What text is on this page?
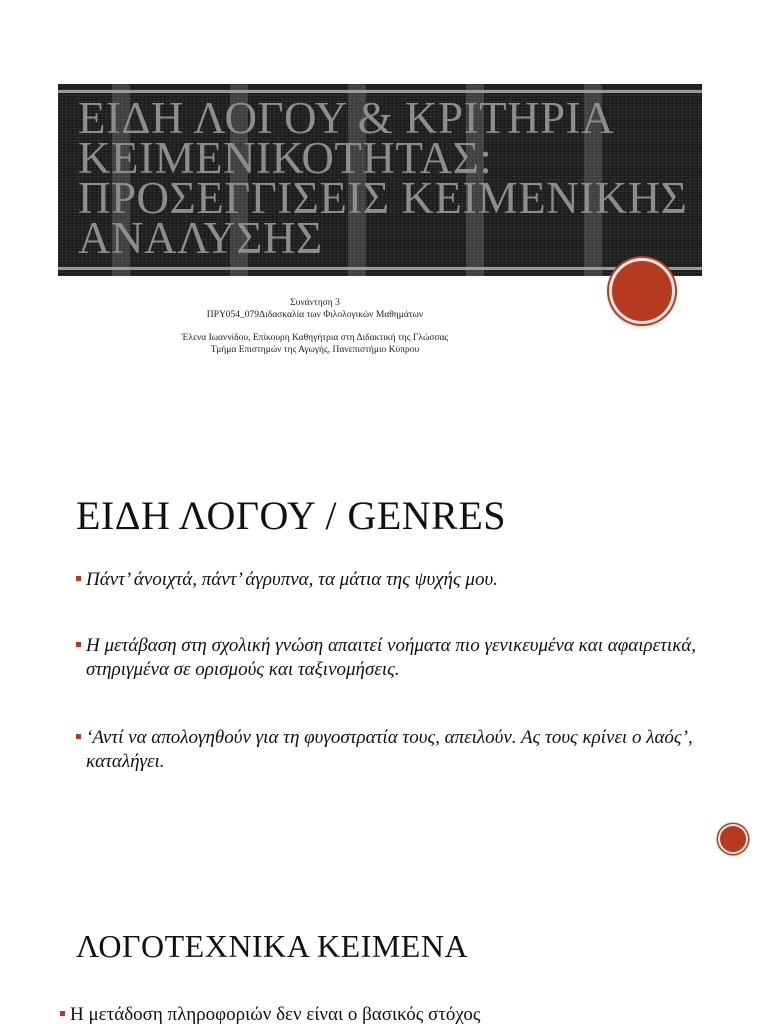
ΕΙΔΗ ΛΟΓΟΥ & ΚΡΙΤΗΡΙΑ ΚΕΙΜΕΝΙΚΟΤΗΤΑΣ: ΠΡΟΣΕΓΓΙΣΕΙΣ ΚΕΙΜΕΝΙΚΗΣ ΑΝΑΛΥΣΗΣ
Συνάντηση 3
ΠΡΥ054_079Διδασκαλία των Φιλολογικών Μαθημάτων
Έλενα Ιωαννίδου, Επίκουρη Καθηγήτρια στη Διδακτική της Γλώσσας
Τμήμα Επιστημών της Αγωγής, Πανεπιστήμιο Κύπρου
ΕΙΔΗ ΛΟΓΟΥ / GENRES
Πάντ’ άνοιχτά, πάντ’ άγρυπνα, τα μάτια της ψυχής μου.
Η μετάβαση στη σχολική γνώση απαιτεί νοήματα πιο γενικευμένα και αφαιρετικά, στηριγμένα σε ορισμούς και ταξινομήσεις.
‘Αντί να απολογηθούν για τη φυγοστρατία τους, απειλούν. Ας τους κρίνει ο λαός’, καταλήγει.
ΛΟΓΟΤΕΧΝΙΚΑ ΚΕΙΜΕΝΑ
Η μετάδοση πληροφοριών δεν είναι ο βασικός στόχος
